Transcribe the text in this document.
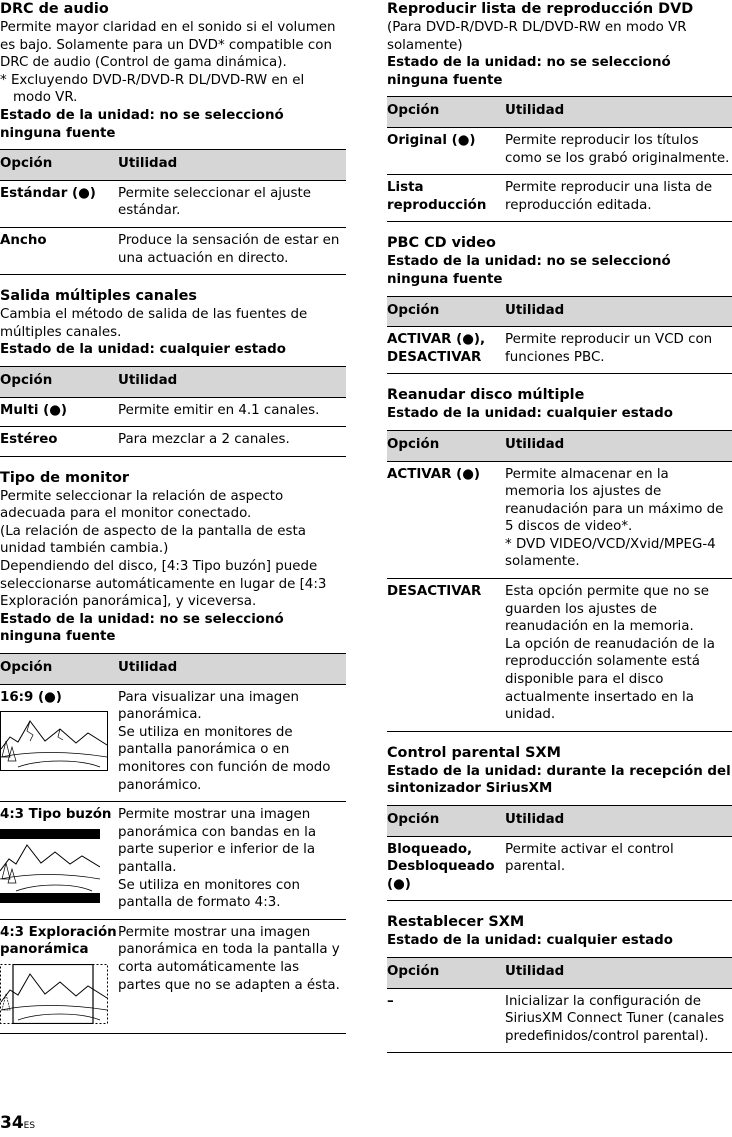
DRC de audio

Permite mayor claridad en el sonido si el volumen es bajo. Solamente para un DVD* compatible con DRC de audio (Control de gama dinámica).

* Excluyendo DVD-R/DVD-R DL/DVD-RW en el modo VR.

Estado de la unidad: no se seleccionó ninguna fuente

Opción	Utilidad
Estándar (●)	Permite seleccionar el ajuste estándar.
Ancho	Produce la sensación de estar en una actuación en directo.
Salida múltiples canales

Cambia el método de salida de las fuentes de múltiples canales.

Estado de la unidad: cualquier estado

Opción	Utilidad
Multi (●)	Permite emitir en 4.1 canales.
Estéreo	Para mezclar a 2 canales.
Tipo de monitor

Permite seleccionar la relación de aspecto adecuada para el monitor conectado.

(La relación de aspecto de la pantalla de esta unidad también cambia.)

Dependiendo del disco, [4:3 Tipo buzón] puede seleccionarse automáticamente en lugar de [4:3 Exploración panorámica], y viceversa.

Estado de la unidad: no se seleccionó ninguna fuente

Opción	Utilidad

16:9 (●)	Para visualizar una imagen panorámica.
Se utiliza en monitores de pantalla panorámica o en monitores con función de modo panorámico.

4:3 Tipo buzón	Permite mostrar una imagen panorámica con bandas en la parte superior e inferior de la pantalla.
Se utiliza en monitores con pantalla de formato 4:3.

4:3 Exploración panorámica	Permite mostrar una imagen panorámica en toda la pantalla y corta automáticamente las partes que no se adapten a ésta.
Reproducir lista de reproducción DVD

(Para DVD-R/DVD-R DL/DVD-RW en modo VR solamente)

Estado de la unidad: no se seleccionó ninguna fuente

Opción	Utilidad
Original (●)	Permite reproducir los títulos como se los grabó originalmente.
Lista reproducción	Permite reproducir una lista de reproducción editada.
PBC CD video

Estado de la unidad: no se seleccionó ninguna fuente

Opción	Utilidad
ACTIVAR (●), DESACTIVAR	Permite reproducir un VCD con funciones PBC.
Reanudar disco múltiple

Estado de la unidad: cualquier estado

Opción	Utilidad
ACTIVAR (●)	Permite almacenar en la memoria los ajustes de reanudación para un máximo de 5 discos de video*.
* DVD VIDEO/VCD/Xvid/MPEG-4 solamente.

DESACTIVAR	Esta opción permite que no se guarden los ajustes de reanudación en la memoria.
La opción de reanudación de la reproducción solamente está disponible para el disco actualmente insertado en la unidad.
Control parental SXM

Estado de la unidad: durante la recepción del sintonizador SiriusXM

Opción	Utilidad
Bloqueado, Desbloqueado (●)	Permite activar el control parental.
Restablecer SXM

Estado de la unidad: cualquier estado

Opción	Utilidad
–	Inicializar la configuración de SiriusXM Connect Tuner (canales predefinidos/control parental).
34ES
